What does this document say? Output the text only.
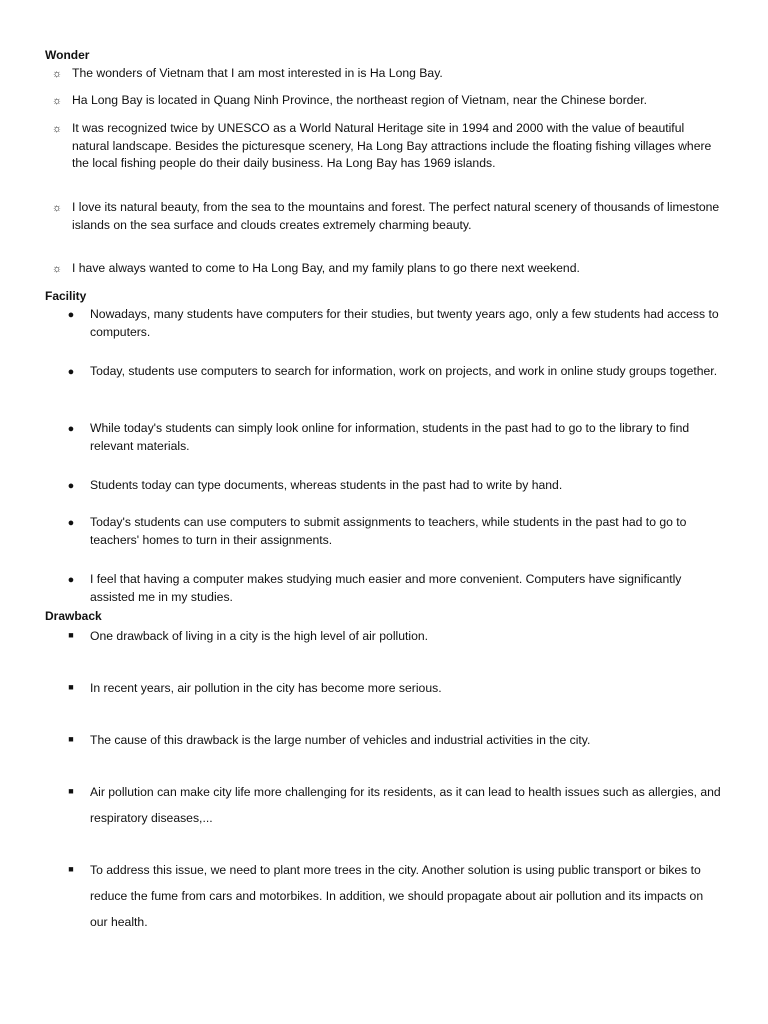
Wonder
☼ The wonders of Vietnam that I am most interested in is Ha Long Bay.

☼ Ha Long Bay is located in Quang Ninh Province, the northeast region of Vietnam, near the Chinese border.

☼ It was recognized twice by UNESCO as a World Natural Heritage site in 1994 and 2000 with the value of beautiful natural landscape. Besides the picturesque scenery, Ha Long Bay attractions include the floating fishing villages where the local fishing people do their daily business. Ha Long Bay has 1969 islands.

☼ I love its natural beauty, from the sea to the mountains and forest. The perfect natural scenery of thousands of limestone islands on the sea surface and clouds creates extremely charming beauty.

☼ I have always wanted to come to Ha Long Bay, and my family plans to go there next weekend.

Facility
●	Nowadays, many students have computers for their studies, but twenty years ago, only a few students had access to computers.

●	Today, students use computers to search for information, work on projects, and work in online study groups together.

●	While today's students can simply look online for information, students in the past had to go to the library to find relevant materials.

●	Students today can type documents, whereas students in the past had to write by hand.

●	Today's students can use computers to submit assignments to teachers, while students in the past had to go to teachers' homes to turn in their assignments.

●	I feel that having a computer makes studying much easier and more convenient. Computers have significantly assisted me in my studies.

Drawback
■	One drawback of living in a city is the high level of air pollution.

■	In recent years, air pollution in the city has become more serious.

■	The cause of this drawback is the large number of vehicles and industrial activities in the city.

■	Air pollution can make city life more challenging for its residents, as it can lead to health issues such as allergies, and respiratory diseases,...

■	To address this issue, we need to plant more trees in the city. Another solution is using public transport or bikes to reduce the fume from cars and motorbikes. In addition, we should propagate about air pollution and its impacts on our health.
